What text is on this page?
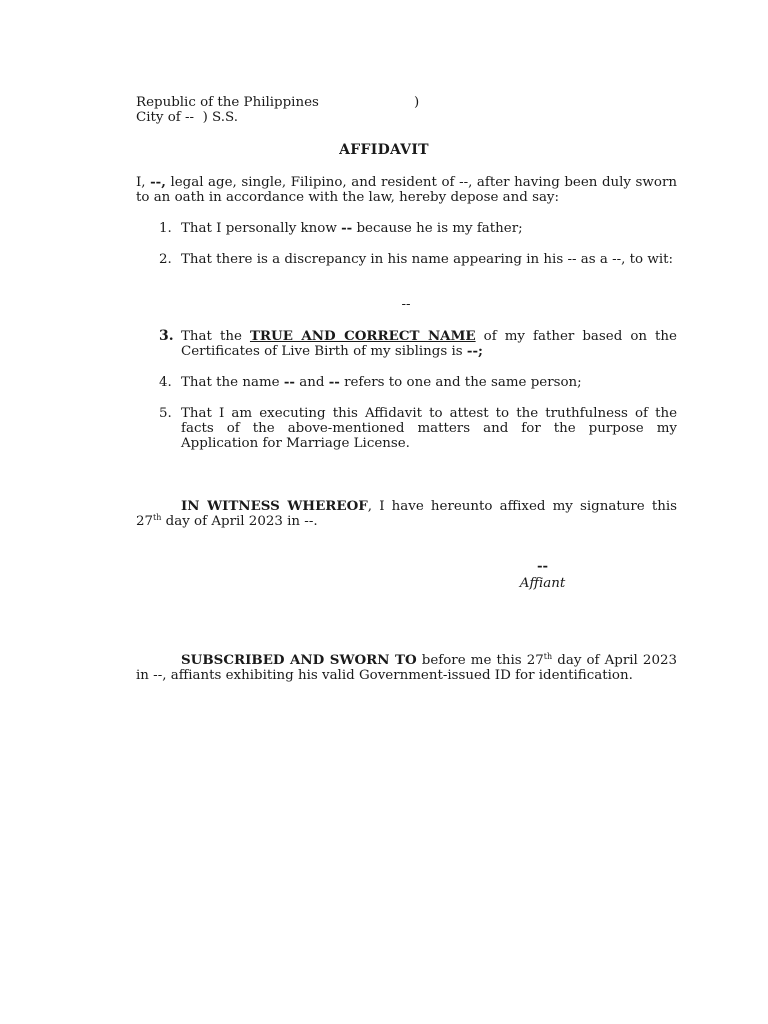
Republic of the Philippines	)
City of --  ) S.S.
AFFIDAVIT
I, --, legal age, single, Filipino, and resident of --, after having been duly sworn to an oath in accordance with the law, hereby depose and say:
1. That I personally know -- because he is my father;
2. That there is a discrepancy in his name appearing in his -- as a --, to wit:
--
3. That the TRUE AND CORRECT NAME of my father based on the Certificates of Live Birth of my siblings is --;
4. That the name -- and -- refers to one and the same person;
5. That I am executing this Affidavit to attest to the truthfulness of the facts of the above-mentioned matters and for the purpose my Application for Marriage License.
IN WITNESS WHEREOF, I have hereunto affixed my signature this 27th day of April 2023 in --.
--
Affiant
SUBSCRIBED AND SWORN TO before me this 27th day of April 2023 in --, affiants exhibiting his valid Government-issued ID for identification.
